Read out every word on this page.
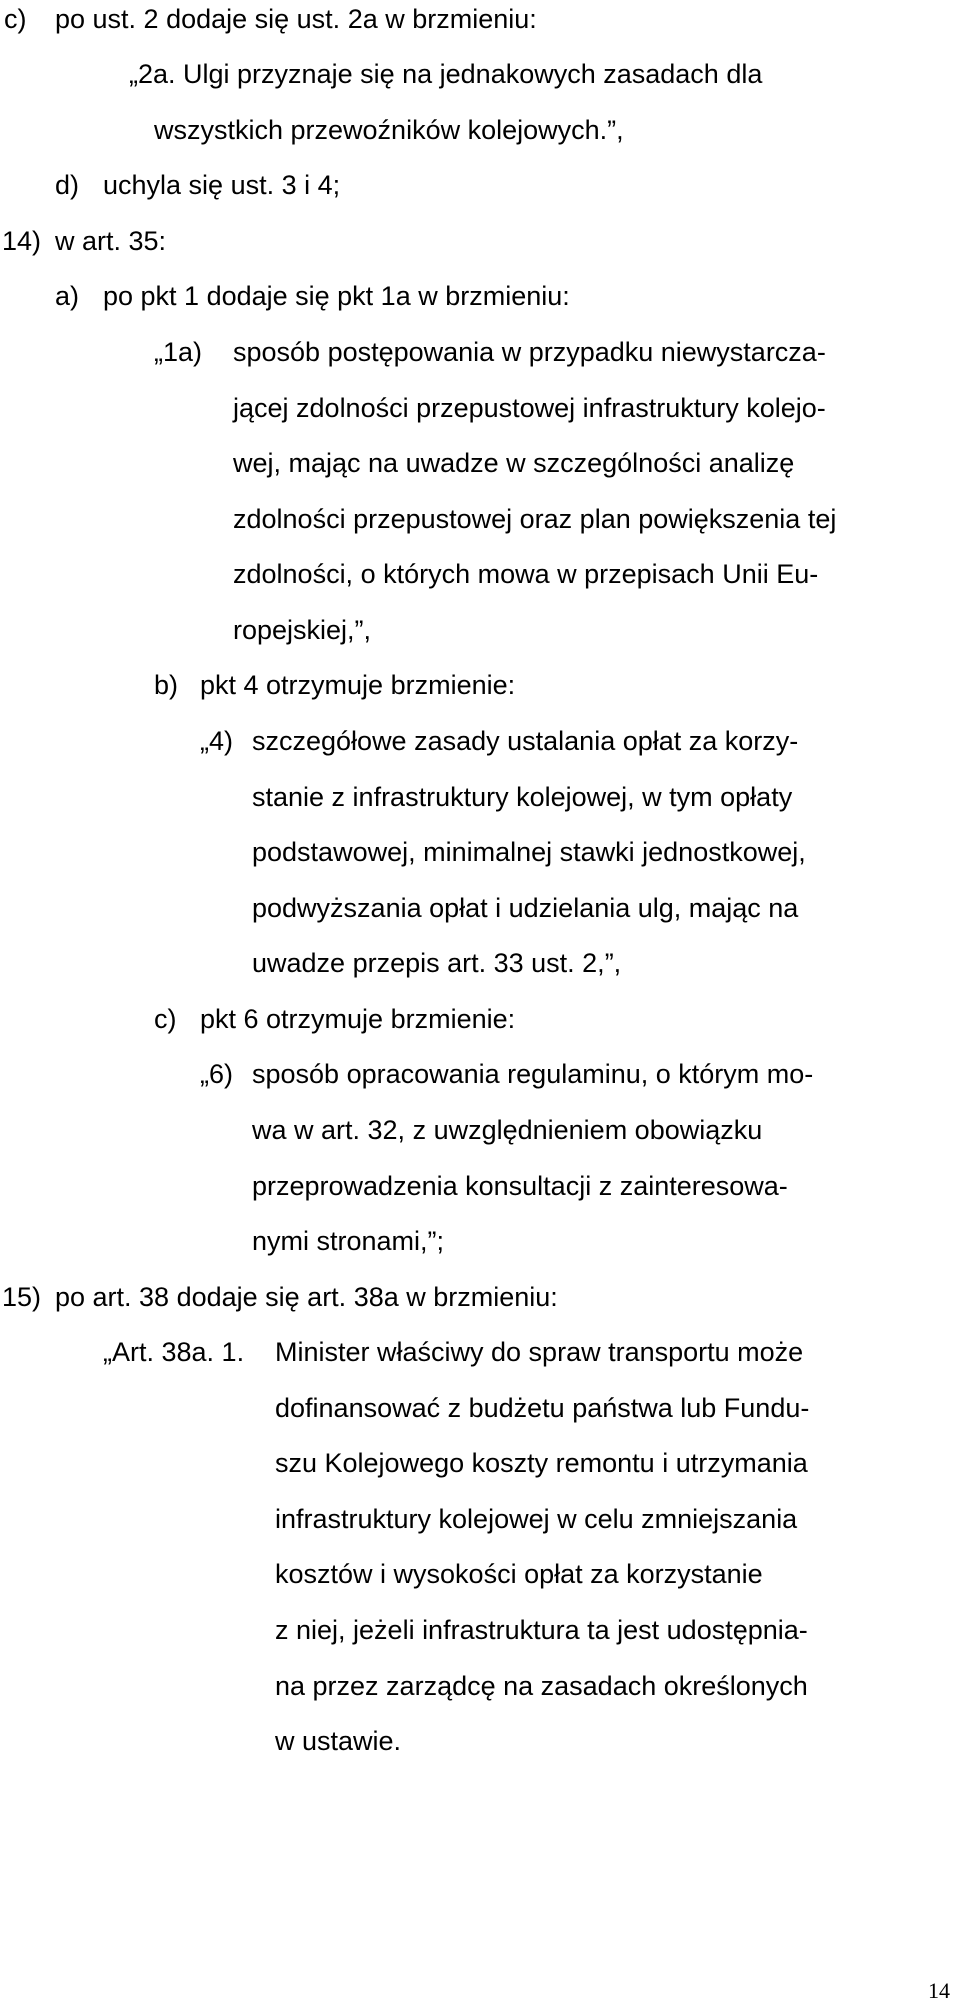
c) po ust. 2 dodaje się ust. 2a w brzmieniu:
„2a. Ulgi przyznaje się na jednakowych zasadach dla
wszystkich przewoźników kolejowych.”,
d) uchyla się ust. 3 i 4;
14) w art. 35:
a) po pkt 1 dodaje się pkt 1a w brzmieniu:
„1a) sposób postępowania w przypadku niewystarcza-
jącej zdolności przepustowej infrastruktury kolejo-
wej, mając na uwadze w szczególności analizę
zdolności przepustowej oraz plan powiększenia tej
zdolności, o których mowa w przepisach Unii Eu-
ropejskiej,”,
b) pkt 4 otrzymuje brzmienie:
„4) szczegółowe zasady ustalania opłat za korzy-
stanie z infrastruktury kolejowej, w tym opłaty
podstawowej, minimalnej stawki jednostkowej,
podwyższania opłat i udzielania ulg, mając na
uwadze przepis art. 33 ust. 2,”,
c) pkt 6 otrzymuje brzmienie:
„6) sposób opracowania regulaminu, o którym mo-
wa w art. 32, z uwzględnieniem obowiązku
przeprowadzenia konsultacji z zainteresowa-
nymi stronami,”;
15) po art. 38 dodaje się art. 38a w brzmieniu:
„Art. 38a. 1. Minister właściwy do spraw transportu może
dofinansować z budżetu państwa lub Fundu-
szu Kolejowego koszty remontu i utrzymania
infrastruktury kolejowej w celu zmniejszania
kosztów i wysokości opłat za korzystanie
z niej, jeżeli infrastruktura ta jest udostępnia-
na przez zarządcę na zasadach określonych
w ustawie.
14
